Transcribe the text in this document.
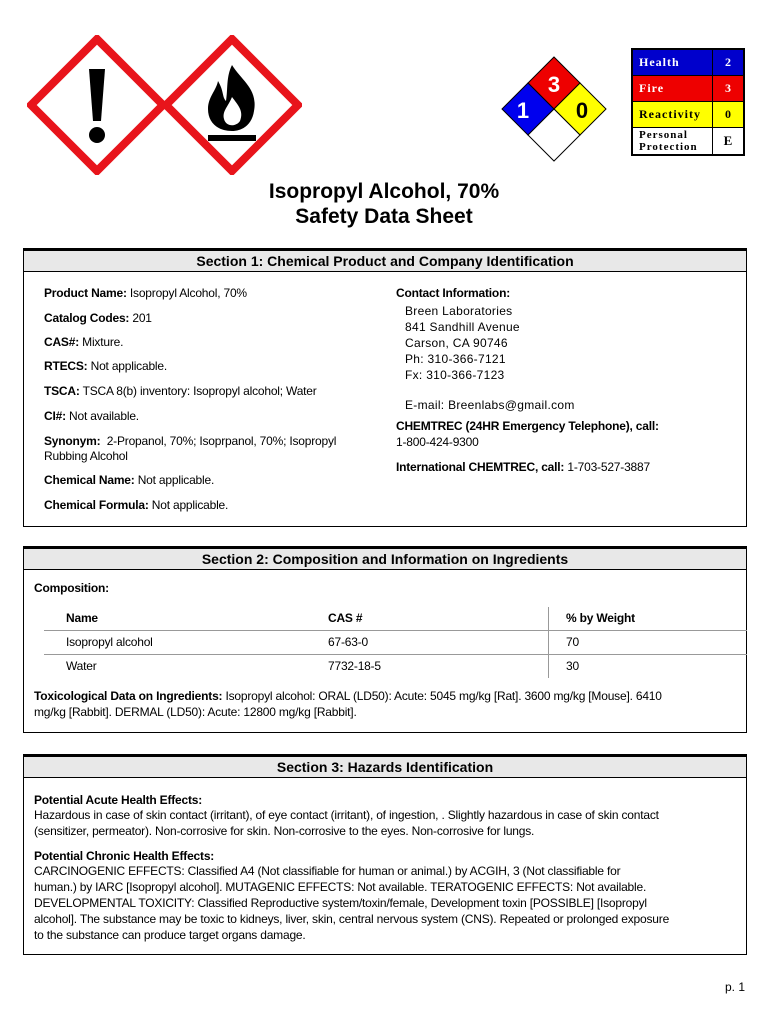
3
1 0
Health	2
Fire	3
Reactivity	0
Personal
Protection	E
Isopropyl Alcohol, 70%
Safety Data Sheet
Section 1: Chemical Product and Company Identification
Product Name: Isopropyl Alcohol, 70%
Catalog Codes: 201
CAS#: Mixture.
RTECS: Not applicable.
TSCA: TSCA 8(b) inventory: Isopropyl alcohol; Water
CI#: Not available.
Synonym: 2-Propanol, 70%; Isoprpanol, 70%; Isopropyl
Rubbing Alcohol
Chemical Name: Not applicable.
Chemical Formula: Not applicable.
Contact Information:
Breen Laboratories
841 Sandhill Avenue
Carson, CA 90746
Ph: 310-366-7121
Fx: 310-366-7123
E-mail: Breenlabs@gmail.com
CHEMTREC (24HR Emergency Telephone), call:
1-800-424-9300
International CHEMTREC, call: 1-703-527-3887
Section 2: Composition and Information on Ingredients
Composition:
Name	CAS #	% by Weight
Isopropyl alcohol	67-63-0	70
Water	7732-18-5	30
Toxicological Data on Ingredients: Isopropyl alcohol: ORAL (LD50): Acute: 5045 mg/kg [Rat]. 3600 mg/kg [Mouse]. 6410
mg/kg [Rabbit]. DERMAL (LD50): Acute: 12800 mg/kg [Rabbit].
Section 3: Hazards Identification
Potential Acute Health Effects:
Hazardous in case of skin contact (irritant), of eye contact (irritant), of ingestion, . Slightly hazardous in case of skin contact
(sensitizer, permeator). Non-corrosive for skin. Non-corrosive to the eyes. Non-corrosive for lungs.
Potential Chronic Health Effects:
CARCINOGENIC EFFECTS: Classified A4 (Not classifiable for human or animal.) by ACGIH, 3 (Not classifiable for
human.) by IARC [Isopropyl alcohol]. MUTAGENIC EFFECTS: Not available. TERATOGENIC EFFECTS: Not available.
DEVELOPMENTAL TOXICITY: Classified Reproductive system/toxin/female, Development toxin [POSSIBLE] [Isopropyl
alcohol]. The substance may be toxic to kidneys, liver, skin, central nervous system (CNS). Repeated or prolonged exposure
to the substance can produce target organs damage.
p. 1
